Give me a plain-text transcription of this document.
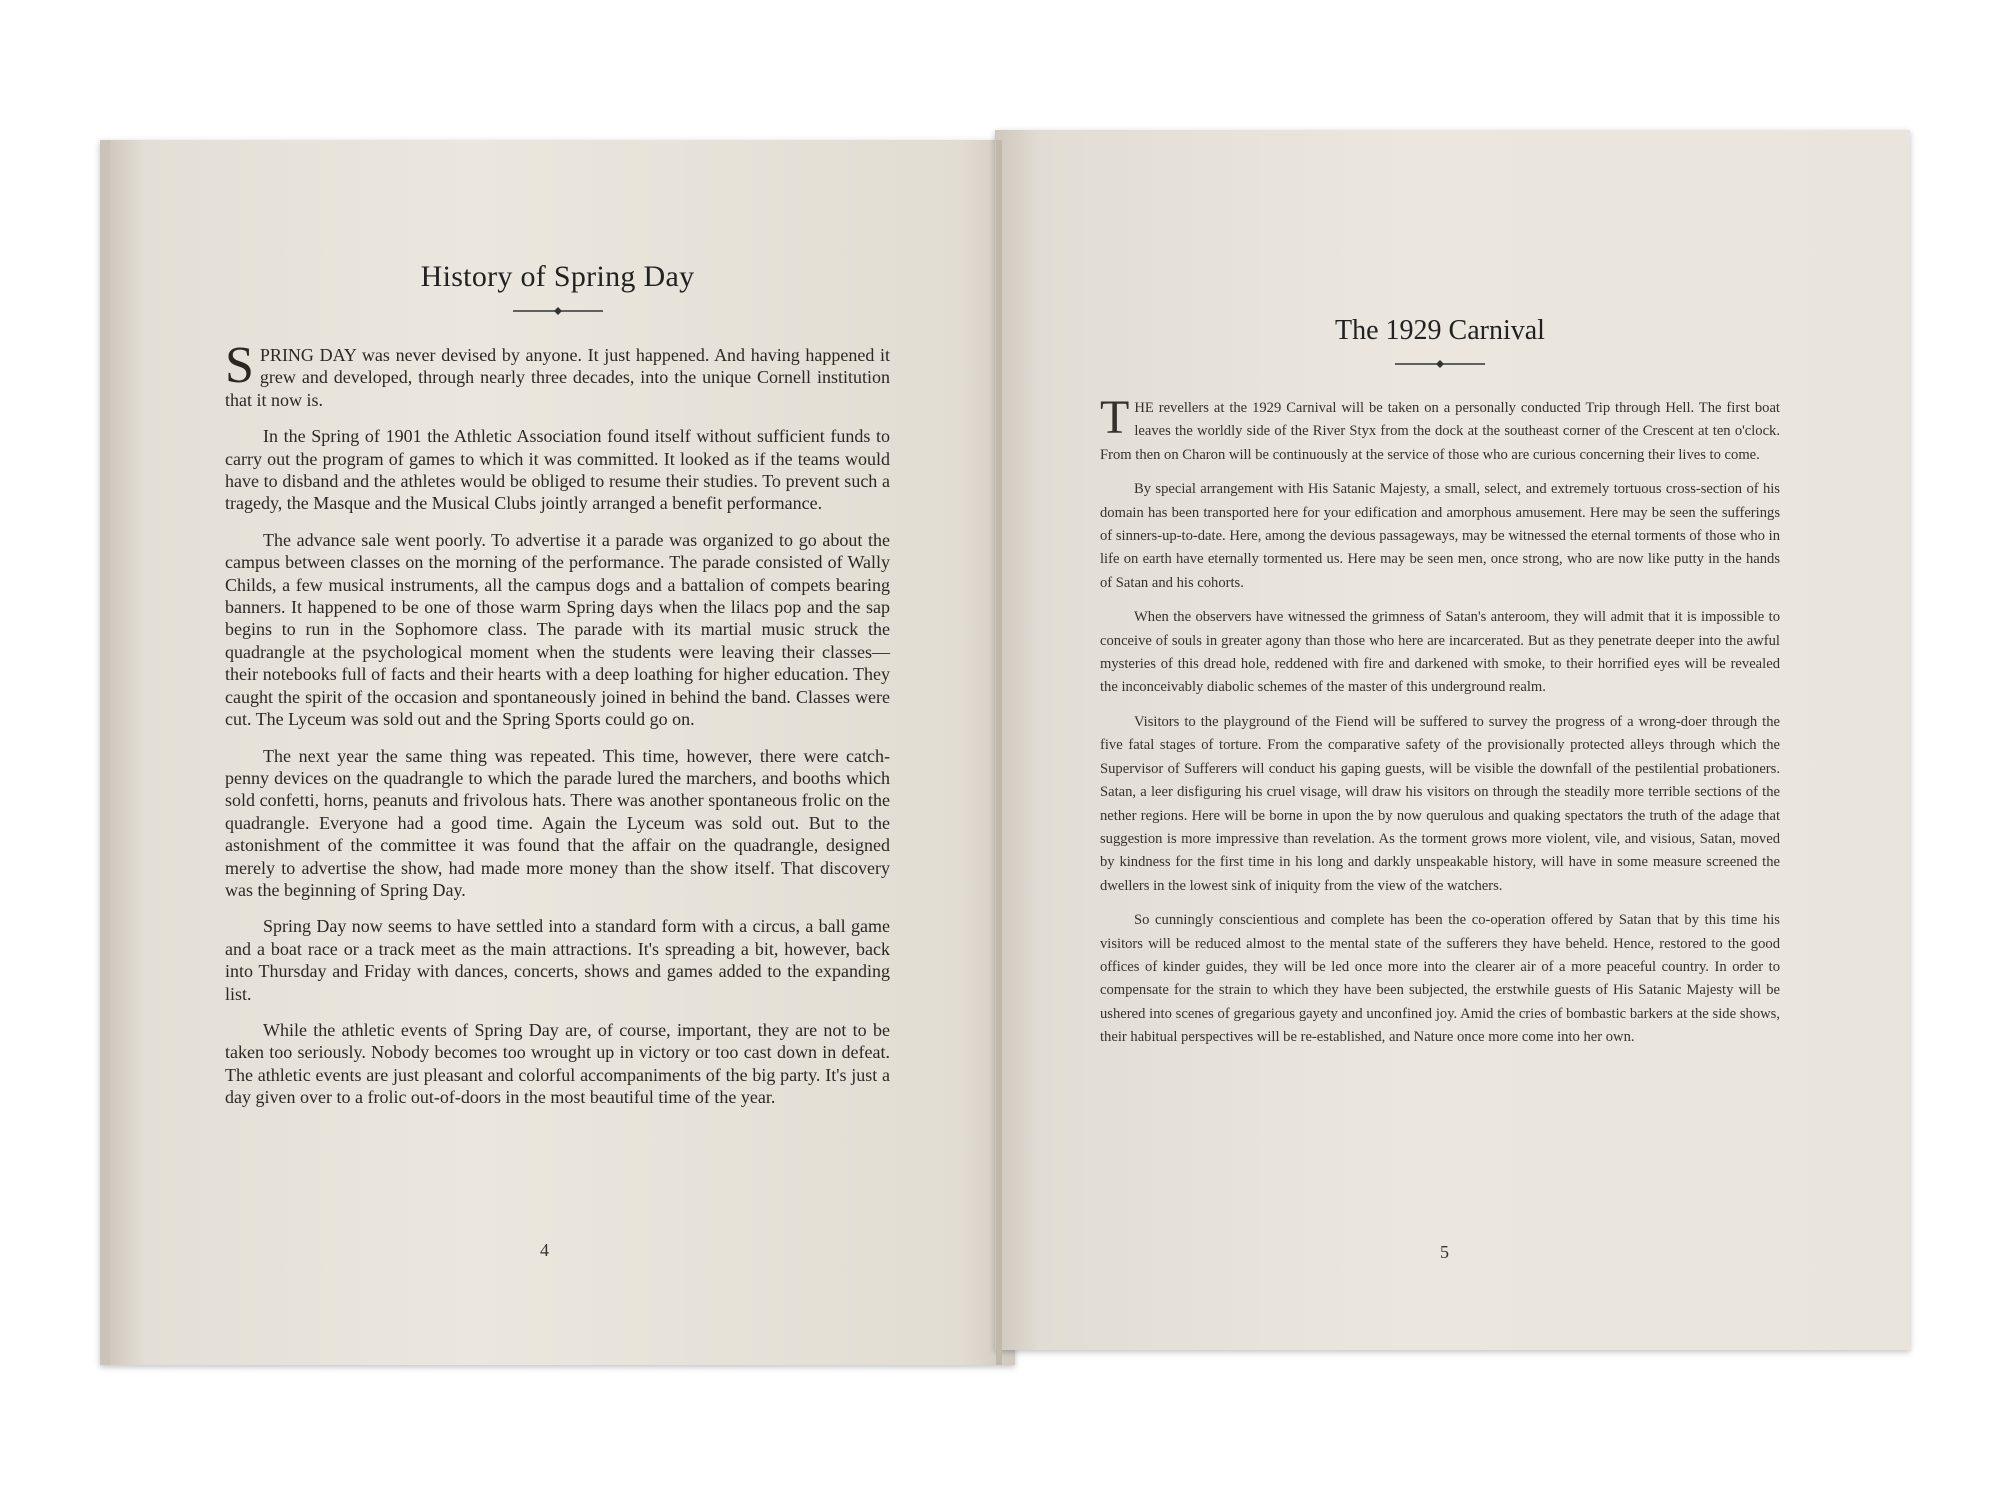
History of Spring Day

SPRING DAY was never devised by anyone. It just happened. And having happened it grew and developed, through nearly three decades, into the unique Cornell institution that it now is.

In the Spring of 1901 the Athletic Association found itself without sufficient funds to carry out the program of games to which it was committed. It looked as if the teams would have to disband and the athletes would be obliged to resume their studies. To prevent such a tragedy, the Masque and the Musical Clubs jointly arranged a benefit performance.

The advance sale went poorly. To advertise it a parade was organized to go about the campus between classes on the morning of the performance. The parade consisted of Wally Childs, a few musical instruments, all the campus dogs and a battalion of compets bearing banners. It happened to be one of those warm Spring days when the lilacs pop and the sap begins to run in the Sophomore class. The parade with its martial music struck the quadrangle at the psychological moment when the students were leaving their classes—their notebooks full of facts and their hearts with a deep loathing for higher education. They caught the spirit of the occasion and spontaneously joined in behind the band. Classes were cut. The Lyceum was sold out and the Spring Sports could go on.

The next year the same thing was repeated. This time, however, there were catch-penny devices on the quadrangle to which the parade lured the marchers, and booths which sold confetti, horns, peanuts and frivolous hats. There was another spontaneous frolic on the quadrangle. Everyone had a good time. Again the Lyceum was sold out. But to the astonishment of the committee it was found that the affair on the quadrangle, designed merely to advertise the show, had made more money than the show itself. That discovery was the beginning of Spring Day.

Spring Day now seems to have settled into a standard form with a circus, a ball game and a boat race or a track meet as the main attractions. It's spreading a bit, however, back into Thursday and Friday with dances, concerts, shows and games added to the expanding list.

While the athletic events of Spring Day are, of course, important, they are not to be taken too seriously. Nobody becomes too wrought up in victory or too cast down in defeat. The athletic events are just pleasant and colorful accompaniments of the big party. It's just a day given over to a frolic out-of-doors in the most beautiful time of the year.

4
The 1929 Carnival

THE revellers at the 1929 Carnival will be taken on a personally conducted Trip through Hell. The first boat leaves the worldly side of the River Styx from the dock at the southeast corner of the Crescent at ten o'clock. From then on Charon will be continuously at the service of those who are curious concerning their lives to come.

By special arrangement with His Satanic Majesty, a small, select, and extremely tortuous cross-section of his domain has been transported here for your edification and amorphous amusement. Here may be seen the sufferings of sinners-up-to-date. Here, among the devious passageways, may be witnessed the eternal torments of those who in life on earth have eternally tormented us. Here may be seen men, once strong, who are now like putty in the hands of Satan and his cohorts.

When the observers have witnessed the grimness of Satan's anteroom, they will admit that it is impossible to conceive of souls in greater agony than those who here are incarcerated. But as they penetrate deeper into the awful mysteries of this dread hole, reddened with fire and darkened with smoke, to their horrified eyes will be revealed the inconceivably diabolic schemes of the master of this underground realm.

Visitors to the playground of the Fiend will be suffered to survey the progress of a wrong-doer through the five fatal stages of torture. From the comparative safety of the provisionally protected alleys through which the Supervisor of Sufferers will conduct his gaping guests, will be visible the downfall of the pestilential probationers. Satan, a leer disfiguring his cruel visage, will draw his visitors on through the steadily more terrible sections of the nether regions. Here will be borne in upon the by now querulous and quaking spectators the truth of the adage that suggestion is more impressive than revelation. As the torment grows more violent, vile, and visious, Satan, moved by kindness for the first time in his long and darkly unspeakable history, will have in some measure screened the dwellers in the lowest sink of iniquity from the view of the watchers.

So cunningly conscientious and complete has been the co-operation offered by Satan that by this time his visitors will be reduced almost to the mental state of the sufferers they have beheld. Hence, restored to the good offices of kinder guides, they will be led once more into the clearer air of a more peaceful country. In order to compensate for the strain to which they have been subjected, the erstwhile guests of His Satanic Majesty will be ushered into scenes of gregarious gayety and unconfined joy. Amid the cries of bombastic barkers at the side shows, their habitual perspectives will be re-established, and Nature once more come into her own.

5
